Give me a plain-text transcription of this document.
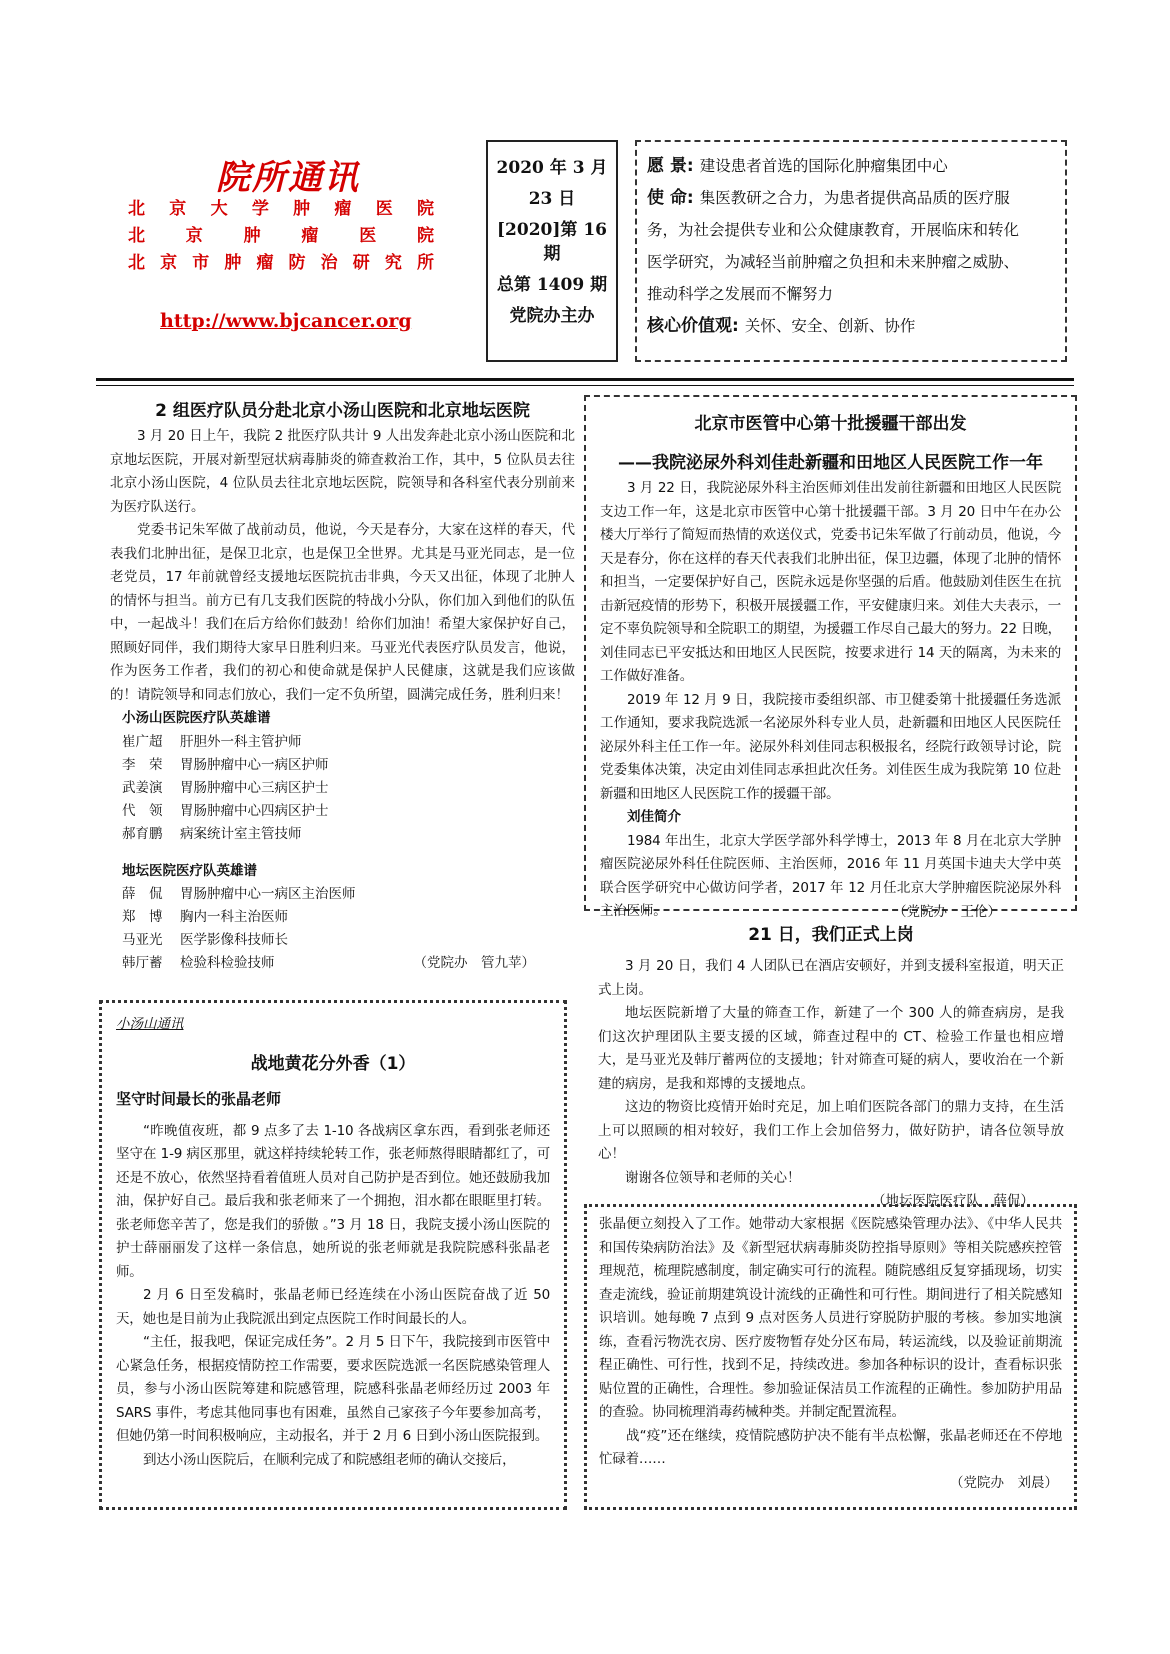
院所通讯
北京大学肿瘤医院
北京肿瘤医院
北京市肿瘤防治研究所
http://www.bjcancer.org
2020 年 3 月
23 日
[2020]第 16 期
总第 1409 期
党院办主办
愿 景: 建设患者首选的国际化肿瘤集团中心
使 命: 集医教研之合力，为患者提供高品质的医疗服
务，为社会提供专业和公众健康教育，开展临床和转化
医学研究，为减轻当前肿瘤之负担和未来肿瘤之威胁、
推动科学之发展而不懈努力
核心价值观: 关怀、安全、创新、协作
2 组医疗队员分赴北京小汤山医院和北京地坛医院

3 月 20 日上午，我院 2 批医疗队共计 9 人出发奔赴北京小汤山医院和北京地坛医院，开展对新型冠状病毒肺炎的筛查救治工作，其中，5 位队员去往北京小汤山医院，4 位队员去往北京地坛医院，院领导和各科室代表分别前来为医疗队送行。

党委书记朱军做了战前动员，他说，今天是春分，大家在这样的春天，代表我们北肿出征，是保卫北京，也是保卫全世界。尤其是马亚光同志，是一位老党员，17 年前就曾经支援地坛医院抗击非典，今天又出征，体现了北肿人的情怀与担当。前方已有几支我们医院的特战小分队，你们加入到他们的队伍中，一起战斗！我们在后方给你们鼓劲！给你们加油！希望大家保护好自己，照顾好同伴，我们期待大家早日胜利归来。马亚光代表医疗队员发言，他说，作为医务工作者，我们的初心和使命就是保护人民健康，这就是我们应该做的！请院领导和同志们放心，我们一定不负所望，圆满完成任务，胜利归来！

小汤山医院医疗队英雄谱
崔广超 肝胆外一科主管护师
李　荣 胃肠肿瘤中心一病区护师
武姜演 胃肠肿瘤中心三病区护士
代　领 胃肠肿瘤中心四病区护士
郝育鹏 病案统计室主管技师
地坛医院医疗队英雄谱
薛　侃 胃肠肿瘤中心一病区主治医师
郑　博 胸内一科主治医师
马亚光 医学影像科技师长
韩厅蓄 检验科检验技师	（党院办　管九苹）
北京市医管中心第十批援疆干部出发
——我院泌尿外科刘佳赴新疆和田地区人民医院工作一年

3 月 22 日，我院泌尿外科主治医师刘佳出发前往新疆和田地区人民医院支边工作一年，这是北京市医管中心第十批援疆干部。3 月 20 日中午在办公楼大厅举行了简短而热情的欢送仪式，党委书记朱军做了行前动员，他说，今天是春分，你在这样的春天代表我们北肿出征，保卫边疆，体现了北肿的情怀和担当，一定要保护好自己，医院永远是你坚强的后盾。他鼓励刘佳医生在抗击新冠疫情的形势下，积极开展援疆工作，平安健康归来。刘佳大夫表示，一定不辜负院领导和全院职工的期望，为援疆工作尽自己最大的努力。22 日晚，刘佳同志已平安抵达和田地区人民医院，按要求进行 14 天的隔离，为未来的工作做好准备。

2019 年 12 月 9 日，我院接市委组织部、市卫健委第十批援疆任务选派工作通知，要求我院选派一名泌尿外科专业人员，赴新疆和田地区人民医院任泌尿外科主任工作一年。泌尿外科刘佳同志积极报名，经院行政领导讨论，院党委集体决策，决定由刘佳同志承担此次任务。刘佳医生成为我院第 10 位赴新疆和田地区人民医院工作的援疆干部。

刘佳简介

1984 年出生，北京大学医学部外科学博士，2013 年 8 月在北京大学肿瘤医院泌尿外科任住院医师、主治医师，2016 年 11 月英国卡迪夫大学中英联合医学研究中心做访问学者，2017 年 12 月任北京大学肿瘤医院泌尿外科主治医师。	（党院办　王伦）
21 日，我们正式上岗

3 月 20 日，我们 4 人团队已在酒店安顿好，并到支援科室报道，明天正式上岗。

地坛医院新增了大量的筛查工作，新建了一个 300 人的筛查病房，是我们这次护理团队主要支援的区域，筛查过程中的 CT、检验工作量也相应增大，是马亚光及韩厅蓄两位的支援地；针对筛查可疑的病人，要收治在一个新建的病房，是我和郑博的支援地点。

这边的物资比疫情开始时充足，加上咱们医院各部门的鼎力支持，在生活上可以照顾的相对较好，我们工作上会加倍努力，做好防护，请各位领导放心！

谢谢各位领导和老师的关心！

（地坛医院医疗队　薛侃）
小汤山通讯
战地黄花分外香（1）
坚守时间最长的张晶老师

“昨晚值夜班，都 9 点多了去 1-10 各战病区拿东西，看到张老师还坚守在 1-9 病区那里，就这样持续轮转工作，张老师熬得眼睛都红了，可还是不放心，依然坚持看着值班人员对自己防护是否到位。她还鼓励我加油，保护好自己。最后我和张老师来了一个拥抱，泪水都在眼眶里打转。张老师您辛苦了，您是我们的骄傲 。”3 月 18 日，我院支援小汤山医院的护士薛丽丽发了这样一条信息，她所说的张老师就是我院院感科张晶老师。

2 月 6 日至发稿时，张晶老师已经连续在小汤山医院奋战了近 50 天，她也是目前为止我院派出到定点医院工作时间最长的人。

“主任，报我吧，保证完成任务”。2 月 5 日下午，我院接到市医管中心紧急任务，根据疫情防控工作需要，要求医院选派一名医院感染管理人员，参与小汤山医院筹建和院感管理，院感科张晶老师经历过 2003 年 SARS 事件，考虑其他同事也有困难，虽然自己家孩子今年要参加高考，但她仍第一时间积极响应，主动报名，并于 2 月 6 日到小汤山医院报到。

到达小汤山医院后，在顺利完成了和院感组老师的确认交接后，

张晶便立刻投入了工作。她带动大家根据《医院感染管理办法》、《中华人民共和国传染病防治法》及《新型冠状病毒肺炎防控指导原则》等相关院感疾控管理规范，梳理院感制度，制定确实可行的流程。随院感组反复穿插现场，切实查走流线，验证前期建筑设计流线的正确性和可行性。期间进行了相关院感知识培训。她每晚 7 点到 9 点对医务人员进行穿脱防护服的考核。参加实地演练，查看污物洗衣房、医疗废物暂存处分区布局，转运流线，以及验证前期流程正确性、可行性，找到不足，持续改进。参加各种标识的设计，查看标识张贴位置的正确性，合理性。参加验证保洁员工作流程的正确性。参加防护用品的查验。协同梳理消毒药械种类。并制定配置流程。

战“疫”还在继续，疫情院感防护决不能有半点松懈，张晶老师还在不停地忙碌着……

（党院办　刘晨）
